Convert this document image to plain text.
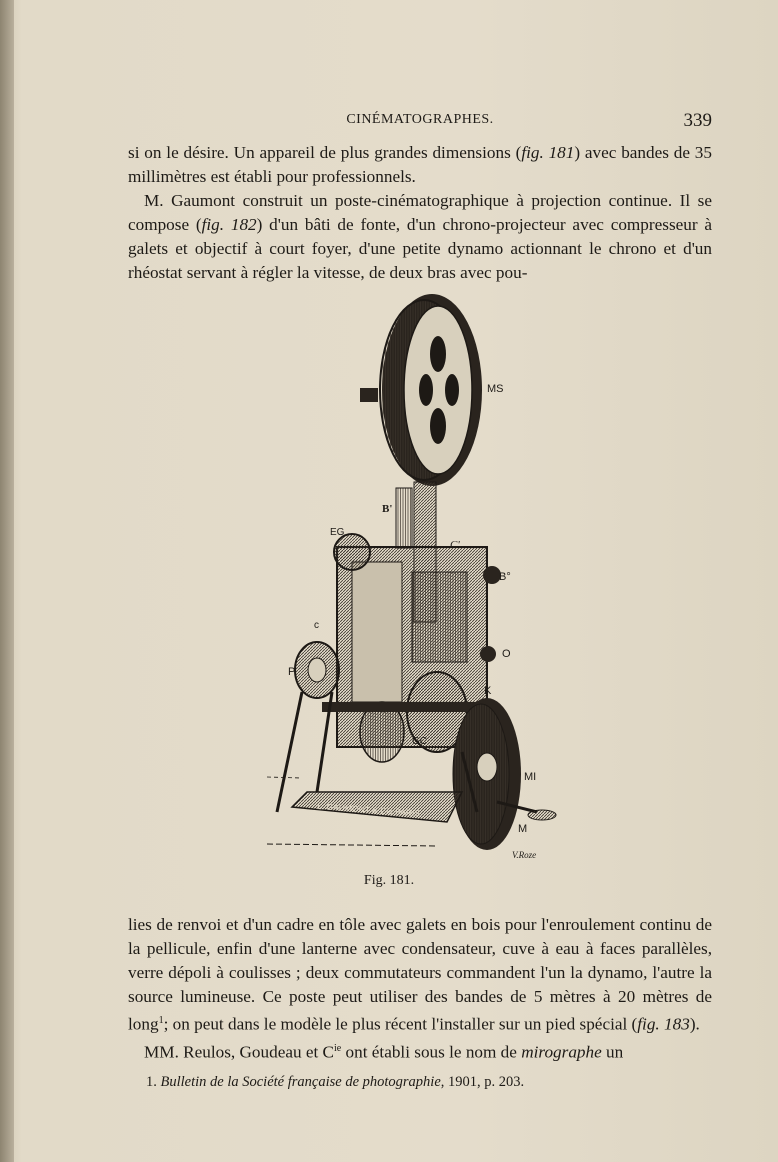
CINÉMATOGRAPHES.	339

si on le désire. Un appareil de plus grandes dimensions (fig. 181) avec bandes de 35 millimètres est établi pour professionnels.

M. Gaumont construit un poste-cinématographique à projection continue. Il se compose (fig. 182) d'un bâti de fonte, d'un chrono-projecteur avec compresseur à galets et objectif à court foyer, d'une petite dynamo actionnant le chrono et d'un rhéostat servant à régler la vitesse, de deux bras avec pou-

MS
B'
EG
C'
B°
c
O
P
K
GC
MI
M
L. GAUMONT & Cie PARIS
V.Roze
Fig. 181.

lies de renvoi et d'un cadre en tôle avec galets en bois pour l'enroulement continu de la pellicule, enfin d'une lanterne avec condensateur, cuve à eau à faces parallèles, verre dépoli à coulisses ; deux commutateurs commandent l'un la dynamo, l'autre la source lumineuse. Ce poste peut utiliser des bandes de 5 mètres à 20 mètres de long$^1$; on peut dans le modèle le plus récent l'installer sur un pied spécial (fig. 183).

MM. Reulos, Goudeau et $C^{ie}$ ont établi sous le nom de mirographe un

1. Bulletin de la Société française de photographie, 1901, p. 203.
